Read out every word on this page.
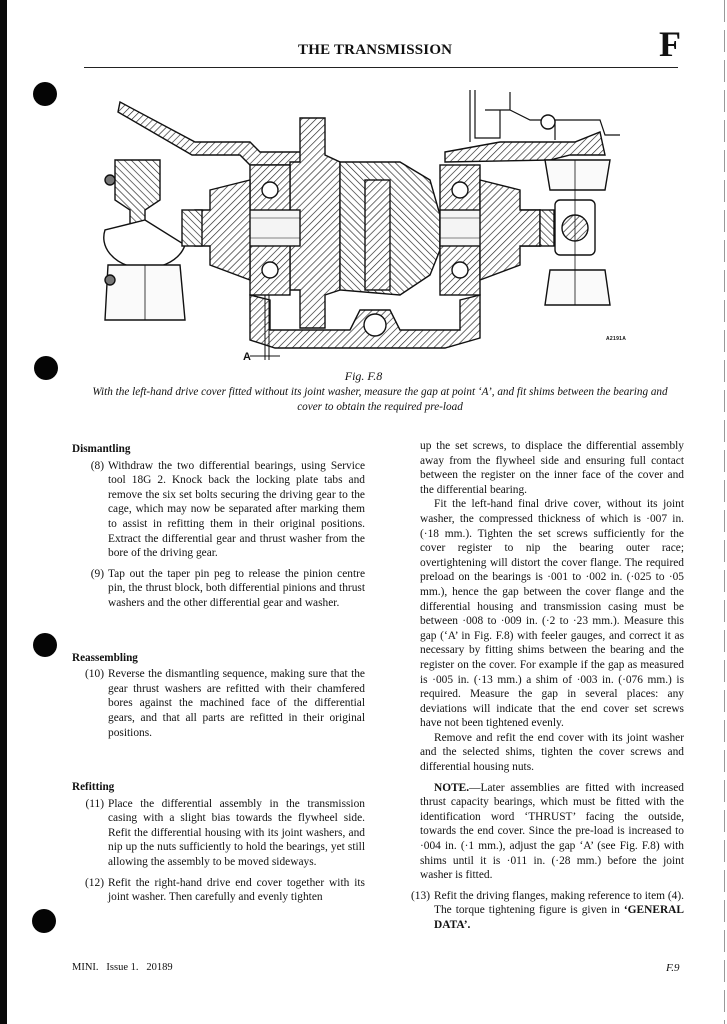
THE TRANSMISSION	F
A
A2191A
Fig. F.8
With the left-hand drive cover fitted without its joint washer, measure the gap at point ‘A’, and fit shims between the bearing and cover to obtain the required pre-load
Dismantling
(8) Withdraw the two differential bearings, using Service tool 18G 2. Knock back the locking plate tabs and remove the six set bolts securing the driving gear to the cage, which may now be separated after marking them to assist in refitting them in their original positions. Extract the differential gear and thrust washer from the bore of the driving gear.
(9) Tap out the taper pin peg to release the pinion centre pin, the thrust block, both differential pinions and thrust washers and the other differential gear and washer.
Reassembling
(10) Reverse the dismantling sequence, making sure that the gear thrust washers are refitted with their chamfered bores against the machined face of the differential gears, and that all parts are refitted in their original positions.
Refitting
(11) Place the differential assembly in the transmission casing with a slight bias towards the flywheel side. Refit the differential housing with its joint washers, and nip up the nuts sufficiently to hold the bearings, yet still allowing the assembly to be moved sideways.
(12) Refit the right-hand drive end cover together with its joint washer. Then carefully and evenly tighten

up the set screws, to displace the differential assembly away from the flywheel side and ensuring full contact between the register on the inner face of the cover and the differential bearing.

Fit the left-hand final drive cover, without its joint washer, the compressed thickness of which is ·007 in. (·18 mm.). Tighten the set screws sufficiently for the cover register to nip the bearing outer race; overtightening will distort the cover flange. The required preload on the bearings is ·001 to ·002 in. (·025 to ·05 mm.), hence the gap between the cover flange and the differential housing and transmission casing must be between ·008 to ·009 in. (·2 to ·23 mm.). Measure this gap (‘A’ in Fig. F.8) with feeler gauges, and correct it as necessary by fitting shims between the bearing and the register on the cover. For example if the gap as measured is ·005 in. (·13 mm.) a shim of ·003 in. (·076 mm.) is required. Measure the gap in several places: any deviations will indicate that the end cover set screws have not been tightened evenly.

Remove and refit the end cover with its joint washer and the selected shims, tighten the cover screws and differential housing nuts.

NOTE.—Later assemblies are fitted with increased thrust capacity bearings, which must be fitted with the identification word ‘THRUST’ facing the outside, towards the end cover. Since the pre-load is increased to ·004 in. (·1 mm.), adjust the gap ‘A’ (see Fig. F.8) with shims until it is ·011 in. (·28 mm.) before the joint washer is fitted.

(13) Refit the driving flanges, making reference to item (4). The torque tightening figure is given in ‘GENERAL DATA’.
MINI.   Issue 1.   20189	F.9
